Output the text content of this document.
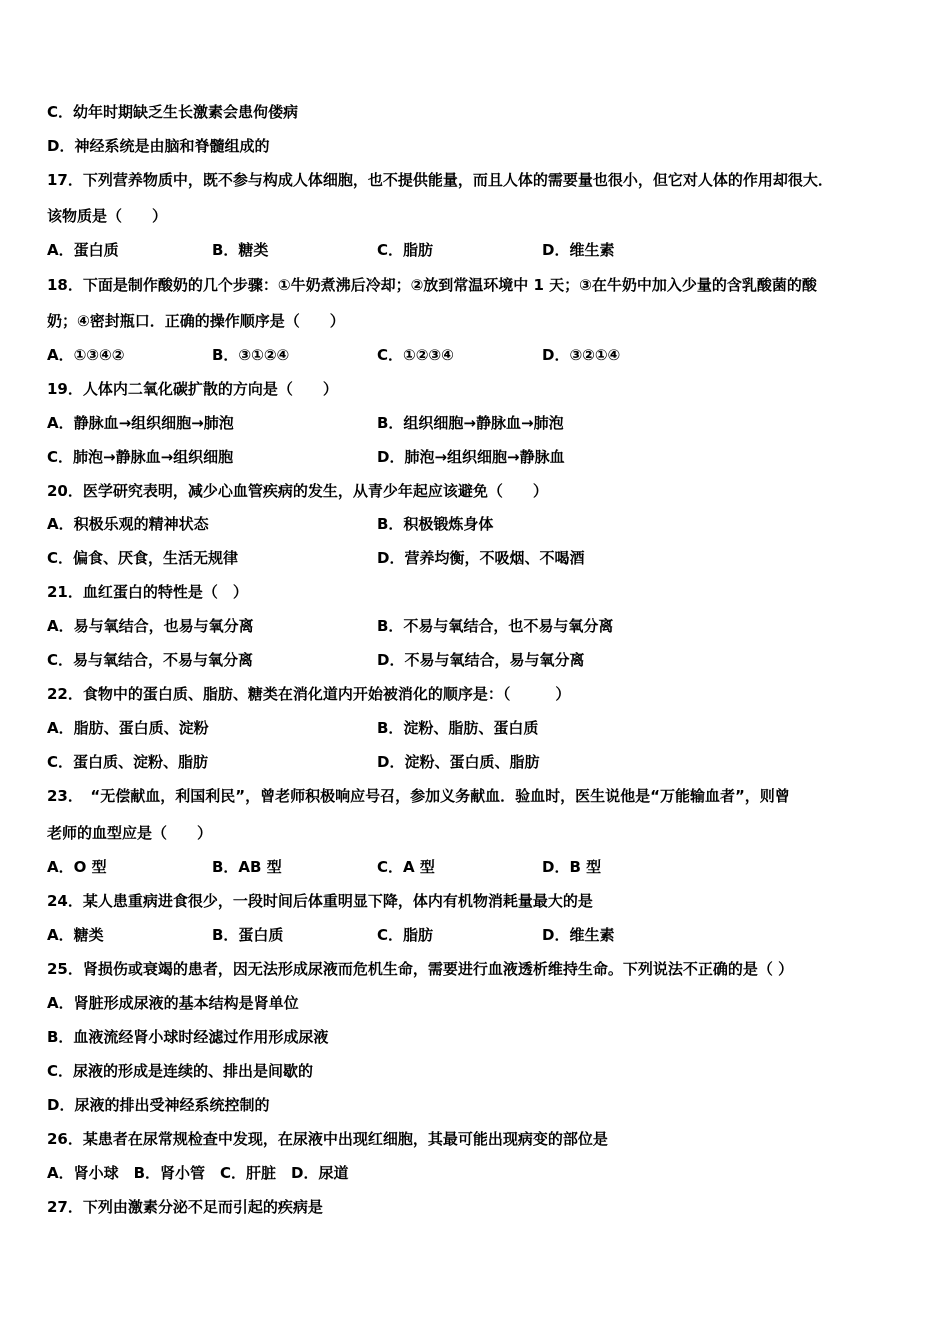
C．幼年时期缺乏生长激素会患佝偻病
D．神经系统是由脑和脊髓组成的
17．下列营养物质中，既不参与构成人体细胞，也不提供能量，而且人体的需要量也很小，但它对人体的作用却很大．
该物质是（　　）
A．蛋白质	B．糖类	C．脂肪	D．维生素
18．下面是制作酸奶的几个步骤：①牛奶煮沸后冷却；②放到常温环境中 1 天；③在牛奶中加入少量的含乳酸菌的酸
奶；④密封瓶口．正确的操作顺序是（　　）
A．①③④②	B．③①②④	C．①②③④	D．③②①④
19．人体内二氧化碳扩散的方向是（　　）
A．静脉血→组织细胞→肺泡	B．组织细胞→静脉血→肺泡
C．肺泡→静脉血→组织细胞	D．肺泡→组织细胞→静脉血
20．医学研究表明，减少心血管疾病的发生，从青少年起应该避免（　　）
A．积极乐观的精神状态	B．积极锻炼身体
C．偏食、厌食，生活无规律	D．营养均衡，不吸烟、不喝酒
21．血红蛋白的特性是（　）
A．易与氧结合，也易与氧分离	B．不易与氧结合，也不易与氧分离
C．易与氧结合，不易与氧分离	D．不易与氧结合，易与氧分离
22．食物中的蛋白质、脂肪、糖类在消化道内开始被消化的顺序是：（　　　）
A．脂肪、蛋白质、淀粉	B．淀粉、脂肪、蛋白质
C．蛋白质、淀粉、脂肪	D．淀粉、蛋白质、脂肪
23．　“无偿献血，利国利民”，曾老师积极响应号召，参加义务献血．验血时，医生说他是“万能输血者”，则曾
老师的血型应是（　　）
A．O 型	B．AB 型	C．A 型	D．B 型
24．某人患重病进食很少，一段时间后体重明显下降，体内有机物消耗量最大的是
A．糖类	B．蛋白质	C．脂肪	D．维生素
25．肾损伤或衰竭的患者，因无法形成尿液而危机生命，需要进行血液透析维持生命。下列说法不正确的是（ ）
A．肾脏形成尿液的基本结构是肾单位
B．血液流经肾小球时经滤过作用形成尿液
C．尿液的形成是连续的、排出是间歇的
D．尿液的排出受神经系统控制的
26．某患者在尿常规检查中发现，在尿液中出现红细胞，其最可能出现病变的部位是
A．肾小球　B．肾小管　C．肝脏　D．尿道
27．下列由激素分泌不足而引起的疾病是
